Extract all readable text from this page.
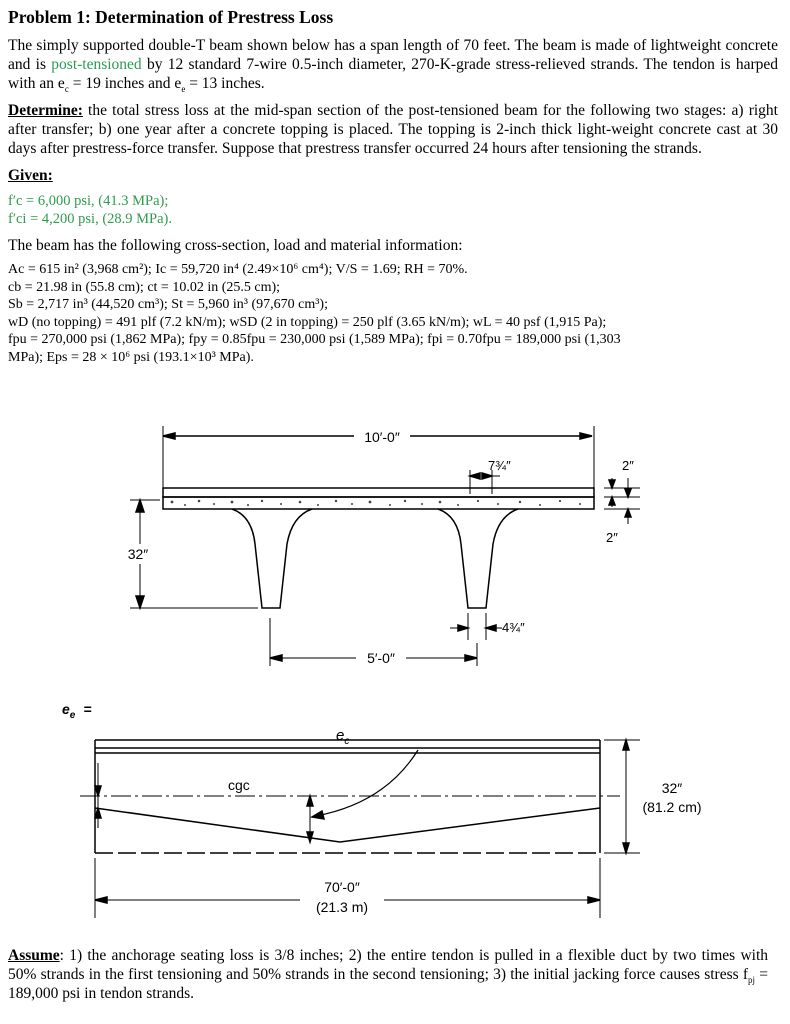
Problem 1: Determination of Prestress Loss

The simply supported double-T beam shown below has a span length of 70 feet. The beam is made of lightweight concrete and is post-tensioned by 12 standard 7-wire 0.5-inch diameter, 270-K-grade stress-relieved strands. The tendon is harped with an $e_c = 19$ inches and $e_e = 13$ inches.

Determine: the total stress loss at the mid-span section of the post-tensioned beam for the following two stages: a) right after transfer; b) one year after a concrete topping is placed. The topping is 2-inch thick light-weight concrete cast at 30 days after prestress-force transfer. Suppose that prestress transfer occurred 24 hours after tensioning the strands.

Given:
f′c = 6,000 psi, (41.3 MPa);
f′ci = 4,200 psi, (28.9 MPa).

The beam has the following cross-section, load and material information:

Ac = 615 in² (3,968 cm²); Ic = 59,720 in⁴ (2.49×10⁶ cm⁴); V/S = 1.69; RH = 70%.

cb = 21.98 in (55.8 cm); ct = 10.02 in (25.5 cm);

Sb = 2,717 in³ (44,520 cm³); St = 5,960 in³ (97,670 cm³);

wD (no topping) = 491 plf (7.2 kN/m); wSD (2 in topping) = 250 plf (3.65 kN/m); wL = 40 psf (1,915 Pa);

fpu = 270,000 psi (1,862 MPa); fpy = 0.85fpu = 230,000 psi (1,589 MPa); fpi = 0.70fpu = 189,000 psi (1,303

MPa); Eps = 28 × 10⁶ psi (193.1×10³ MPa).

10′-0″
7¾″	2″
2″
32″
4¾″
5′-0″
$e_e$ =
$e_c$
cgc	32″
(81.2 cm)
70′-0″
(21.3 m)

Assume: 1) the anchorage seating loss is 3/8 inches; 2) the entire tendon is pulled in a flexible duct by two times with 50% strands in the first tensioning and 50% strands in the second tensioning; 3) the initial jacking force causes stress $f_{pj} = 189,000$ psi in tendon strands.
